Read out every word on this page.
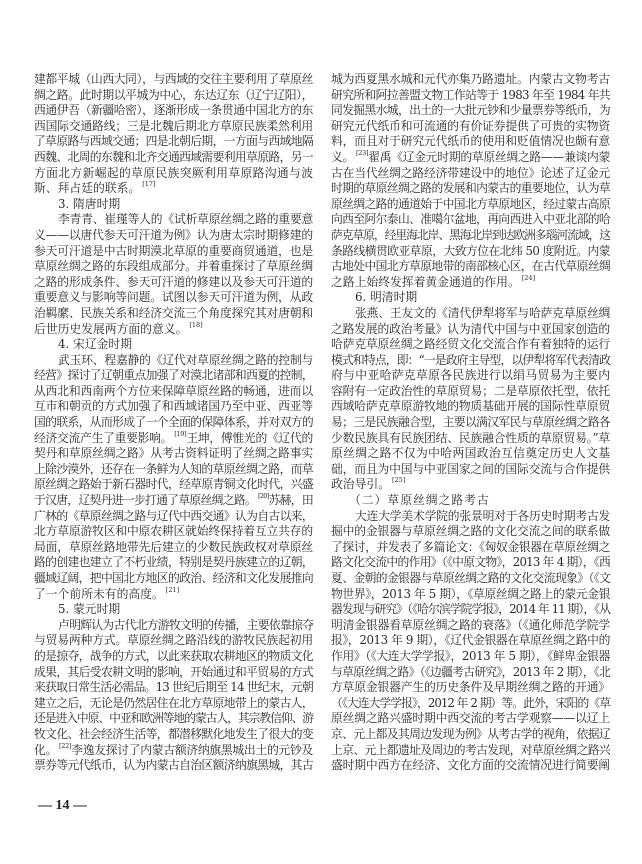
建都平城（山西大同），与西域的交往主要利用了草原丝
绸之路。此时期以平城为中心，东达辽东（辽宁辽阳），
西通伊吾（新疆哈密），逐渐形成一条贯通中国北方的东
西国际交通路线；三是北魏后期北方草原民族柔然利用
了草原路与西域交通；四是北朝后期，一方面与西域地隔
西魏、北周的东魏和北齐交通西域需要利用草原路，另一
方面北方新崛起的草原民族突厥利用草原路沟通与波
斯、拜占廷的联系。 [17]
3. 隋唐时期
李青青、崔瑾等人的《试析草原丝绸之路的重要意
义——以唐代参天可汗道为例》认为唐太宗时期修建的
参天可汗道是中古时期漠北草原的重要商贸通道，也是
草原丝绸之路的东段组成部分。并着重探讨了草原丝绸
之路的形成条件、参天可汗道的修建以及参天可汗道的
重要意义与影响等问题。试图以参天可汗道为例，从政
治羁縻、民族关系和经济交流三个角度探究其对唐朝和
后世历史发展两方面的意义。 [18]
4. 宋辽金时期
武玉环、程嘉静的《辽代对草原丝绸之路的控制与
经营》探讨了辽朝重点加强了对漠北诸部和西夏的控制，
从西北和西南两个方位来保障草原丝路的畅通，进而以
互市和朝贡的方式加强了和西域诸国乃至中亚、西亚等
国的联系，从而形成了一个全面的保障体系，并对双方的
经济交流产生了重要影响。 [19]王坤，傅惟光的《辽代的
契丹和草原丝绸之路》从考古资料证明了丝绸之路事实
上除沙漠外，还存在一条鲜为人知的草原丝绸之路，而草
原丝绸之路始于新石器时代，经草原青铜文化时代，兴盛
于汉唐，辽契丹进一步打通了草原丝绸之路。 [20]苏赫，田
广林的《草原丝绸之路与辽代中西交通》认为自古以来，
北方草原游牧区和中原农耕区就始终保持着互立共存的
局面，草原丝路地带先后建立的少数民族政权对草原丝
路的创建也建立了不朽业绩，特别是契丹族建立的辽朝，
疆域辽阔，把中国北方地区的政治、经济和文化发展推向
了一个前所未有的高度。 [21]
5. 蒙元时期
卢明辉认为古代北方游牧文明的传播，主要依靠掠夺
与贸易两种方式。草原丝绸之路沿线的游牧民族起初用
的是掠夺，战争的方式，以此来获取农耕地区的物质文化
成果，其后受农耕文明的影响，开始通过和平贸易的方式
来获取日常生活必需品。13 世纪后期至 14 世纪末，元朝
建立之后，无论是仍然居住在北方草原地带上的蒙古人，
还是进入中原、中亚和欧洲等地的蒙古人，其宗教信仰、游
牧文化、社会经济生活等，都潜移默化地发生了很大的变
化。 [22]李逸友探讨了内蒙古额济纳旗黑城出土的元钞及
票券等元代纸币，认为内蒙古自治区额济纳旗黑城，其古
城为西夏黑水城和元代亦集乃路遗址。内蒙古文物考古
研究所和阿拉善盟文物工作站等于 1983 年至 1984 年共
同发掘黑水城，出土的一大批元钞和少量票券等纸币，为
研究元代纸币和可流通的有价证券提供了可贵的实物资
料，而且对于研究元代纸币的使用和贬值情况也颇有意
义。 [23]翟禹《辽金元时期的草原丝绸之路——兼谈内蒙
古在当代丝绸之路经济带建设中的地位》论述了辽金元
时期的草原丝绸之路的发展和内蒙古的重要地位，认为草
原丝绸之路的通道始于中国北方草原地区，经过蒙古高原
向西至阿尔泰山、准噶尔盆地，再向西进入中亚北部的哈
萨克草原，经里海北岸、黑海北岸到达欧洲多瑙河流域，这
条路线横贯欧亚草原，大致方位在北纬 50 度附近。内蒙
古地处中国北方草原地带的南部核心区，在古代草原丝绸
之路上始终发挥着黄金通道的作用。 [24]
6. 明清时期
张燕、王友文的《清代伊犁将军与哈萨克草原丝绸
之路发展的政治考量》认为清代中国与中亚国家创造的
哈萨克草原丝绸之路经贸文化交流合作有着独特的运行
模式和特点，即：“一是政府主导型，以伊犁将军代表清政
府与中亚哈萨克草原各民族进行以绢马贸易为主要内
容附有一定政治性的草原贸易；二是草原依托型，依托
西域哈萨克草原游牧地的物质基础开展的国际性草原贸
易；三是民族融合型，主要以满汉军民与草原丝绸之路各
少数民族具有民族团结、民族融合性质的草原贸易。”草
原丝绸之路不仅为中哈两国政治互信奠定历史人文基
础，而且为中国与中亚国家之间的国际交流与合作提供
政治导引。 [25]
（二）草原丝绸之路考古
大连大学美术学院的张景明对于各历史时期考古发
掘中的金银器与草原丝绸之路的文化交流之间的联系做
了探讨，并发表了多篇论文：《匈奴金银器在草原丝绸之
路文化交流中的作用》（《中原文物》，2013 年 4 期），《西
夏、金朝的金银器与草原丝绸之路的文化交流现象》（《文
物世界》，2013 年 5 期），《草原丝绸之路上的蒙元金银
器发现与研究》（《哈尔滨学院学报》，2014 年 11 期），《从
明清金银器看草原丝绸之路的衰落》（《通化师范学院学
报》，2013 年 9 期），《辽代金银器在草原丝绸之路中的
作用》（《大连大学学报》，2013 年 5 期），《鲜卑金银器
与草原丝绸之路》（《边疆考古研究》，2013 年 2 期），《北
方草原金银器产生的历史条件及早期丝绸之路的开通》
（《大连大学学报》，2012 年 2 期）等。此外，宋阳的《草
原丝绸之路兴盛时期中西交流的考古学观察——以辽上
京、元上都及其周边发现为例》从考古学的视角，依据辽
上京、元上都遗址及周边的考古发现，对草原丝绸之路兴
盛时期中西方在经济、文化方面的交流情况进行简要阐
— 14 —
